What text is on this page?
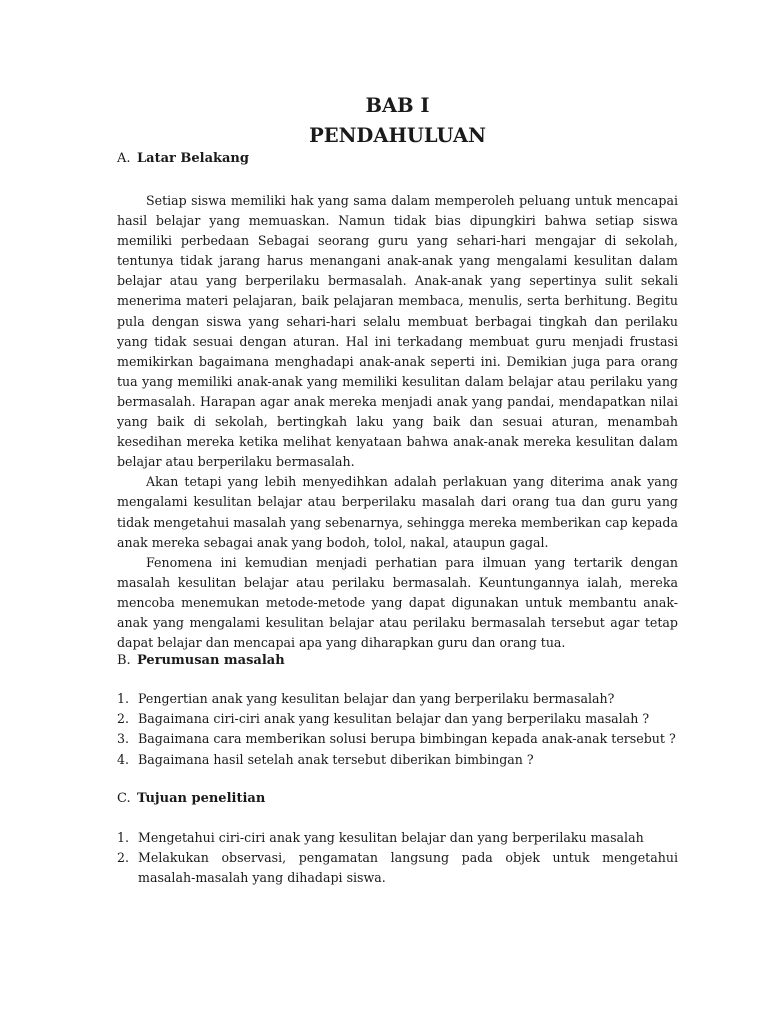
BAB I
PENDAHULUAN
A. Latar Belakang

Setiap siswa memiliki hak yang sama dalam memperoleh peluang untuk mencapai hasil belajar yang memuaskan. Namun tidak bias dipungkiri bahwa setiap siswa memiliki perbedaan Sebagai seorang guru yang sehari-hari mengajar di sekolah, tentunya tidak jarang harus menangani anak-anak yang mengalami kesulitan dalam belajar atau yang berperilaku bermasalah. Anak-anak yang sepertinya sulit sekali menerima materi pelajaran, baik pelajaran membaca, menulis, serta berhitung. Begitu pula dengan siswa yang sehari-hari selalu membuat berbagai tingkah dan perilaku yang tidak sesuai dengan aturan. Hal ini terkadang membuat guru menjadi frustasi memikirkan bagaimana menghadapi anak-anak seperti ini. Demikian juga para orang tua yang memiliki anak-anak yang memiliki kesulitan dalam belajar atau perilaku yang bermasalah. Harapan agar anak mereka menjadi anak yang pandai, mendapatkan nilai yang baik di sekolah, bertingkah laku yang baik dan sesuai aturan, menambah kesedihan mereka ketika melihat kenyataan bahwa anak-anak mereka kesulitan dalam belajar atau berperilaku bermasalah.

Akan tetapi yang lebih menyedihkan adalah perlakuan yang diterima anak yang mengalami kesulitan belajar atau berperilaku masalah dari orang tua dan guru yang tidak mengetahui masalah yang sebenarnya, sehingga mereka memberikan cap kepada anak mereka sebagai anak yang bodoh, tolol, nakal, ataupun gagal.

Fenomena ini kemudian menjadi perhatian para ilmuan yang tertarik dengan masalah kesulitan belajar atau perilaku bermasalah. Keuntungannya ialah, mereka mencoba menemukan metode-metode yang dapat digunakan untuk membantu anak-anak yang mengalami kesulitan belajar atau perilaku bermasalah tersebut agar tetap dapat belajar dan mencapai apa yang diharapkan guru dan orang tua.

B. Perumusan masalah
1. Pengertian anak yang kesulitan belajar dan yang berperilaku bermasalah?
2. Bagaimana ciri-ciri anak yang kesulitan belajar dan yang berperilaku masalah ?
3. Bagaimana cara memberikan solusi berupa bimbingan kepada anak-anak tersebut ?
4. Bagaimana hasil setelah anak tersebut diberikan bimbingan ?
C. Tujuan penelitian
1. Mengetahui ciri-ciri anak yang kesulitan belajar dan yang berperilaku masalah
2. Melakukan observasi, pengamatan langsung pada objek untuk mengetahui masalah-masalah yang dihadapi siswa.
